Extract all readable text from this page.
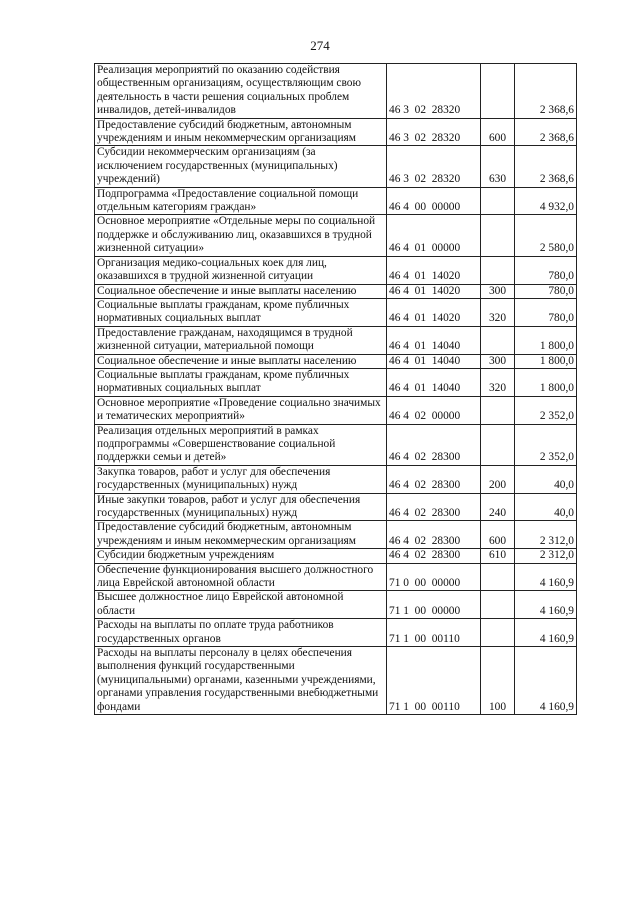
274
Реализация мероприятий по оказанию содействия общественным организациям, осуществляющим свою деятельность в части решения социальных проблем инвалидов, детей-инвалидов	46 3  02  28320		2 368,6
Предоставление субсидий бюджетным, автономным учреждениям и иным некоммерческим организациям	46 3  02  28320	600	2 368,6
Субсидии некоммерческим организациям (за исключением государственных (муниципальных) учреждений)	46 3  02  28320	630	2 368,6
Подпрограмма «Предоставление социальной помощи отдельным категориям граждан»	46 4  00  00000		4 932,0
Основное мероприятие «Отдельные меры по социальной поддержке и обслуживанию лиц, оказавшихся в трудной жизненной ситуации»	46 4  01  00000		2 580,0
Организация медико-социальных коек для лиц, оказавшихся в трудной жизненной ситуации	46 4  01  14020		780,0
Социальное обеспечение и иные выплаты населению	46 4  01  14020	300	780,0
Социальные выплаты гражданам, кроме публичных нормативных социальных выплат	46 4  01  14020	320	780,0
Предоставление гражданам, находящимся в трудной жизненной ситуации, материальной помощи	46 4  01  14040		1 800,0
Социальное обеспечение и иные выплаты населению	46 4  01  14040	300	1 800,0
Социальные выплаты гражданам, кроме публичных нормативных социальных выплат	46 4  01  14040	320	1 800,0
Основное мероприятие «Проведение социально значимых и тематических мероприятий»	46 4  02  00000		2 352,0
Реализация отдельных мероприятий в рамках подпрограммы «Совершенствование социальной поддержки семьи и детей»	46 4  02  28300		2 352,0
Закупка товаров, работ и услуг для обеспечения государственных (муниципальных) нужд	46 4  02  28300	200	40,0
Иные закупки товаров, работ и услуг для обеспечения государственных (муниципальных) нужд	46 4  02  28300	240	40,0
Предоставление субсидий бюджетным, автономным учреждениям и иным некоммерческим организациям	46 4  02  28300	600	2 312,0
Субсидии бюджетным учреждениям	46 4  02  28300	610	2 312,0
Обеспечение функционирования высшего должностного лица Еврейской автономной области	71 0  00  00000		4 160,9
Высшее должностное лицо Еврейской автономной области	71 1  00  00000		4 160,9
Расходы на выплаты по оплате труда работников государственных органов	71 1  00  00110		4 160,9
Расходы на выплаты персоналу в целях обеспечения выполнения функций государственными (муниципальными) органами, казенными учреждениями, органами управления государственными внебюджетными фондами	71 1  00  00110	100	4 160,9
